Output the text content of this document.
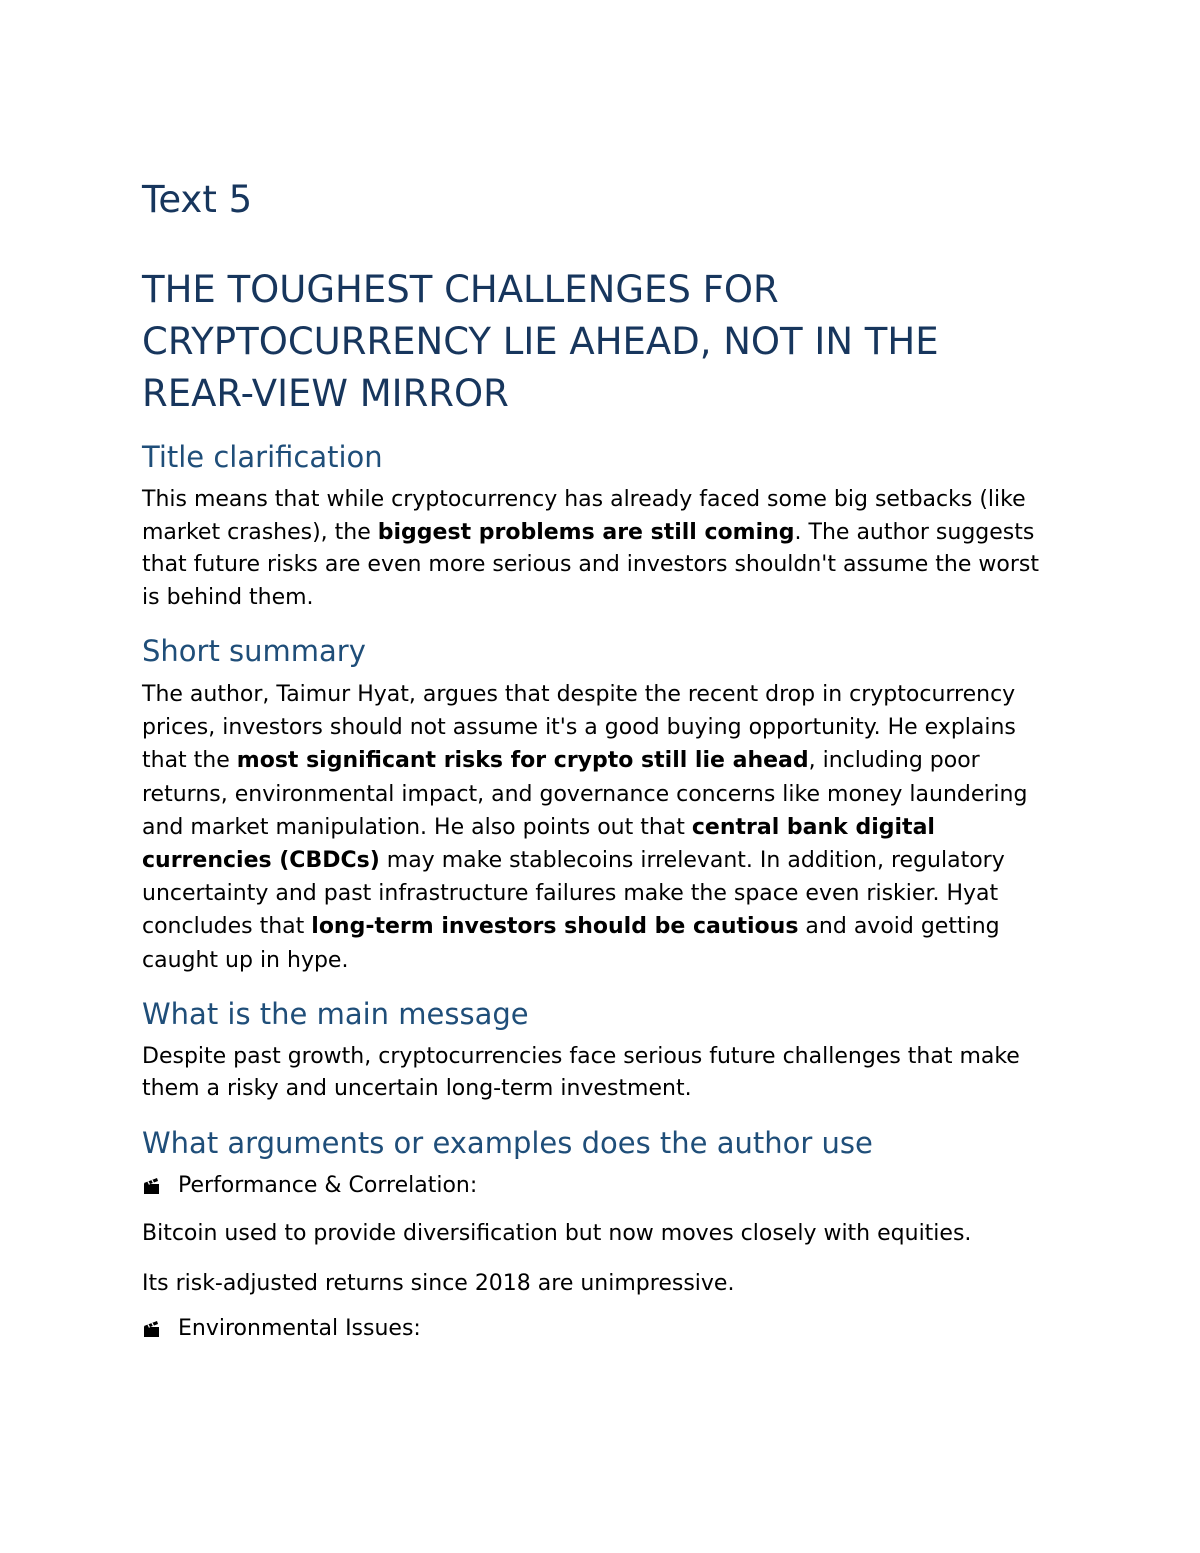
Text 5
THE TOUGHEST CHALLENGES FOR CRYPTOCURRENCY LIE AHEAD, NOT IN THE REAR-VIEW MIRROR
Title clarification

This means that while cryptocurrency has already faced some big setbacks (like market crashes), the biggest problems are still coming. The author suggests that future risks are even more serious and investors shouldn't assume the worst is behind them.

Short summary

The author, Taimur Hyat, argues that despite the recent drop in cryptocurrency prices, investors should not assume it's a good buying opportunity. He explains that the most significant risks for crypto still lie ahead, including poor returns, environmental impact, and governance concerns like money laundering and market manipulation. He also points out that central bank digital currencies (CBDCs) may make stablecoins irrelevant. In addition, regulatory uncertainty and past infrastructure failures make the space even riskier. Hyat concludes that long-term investors should be cautious and avoid getting caught up in hype.

What is the main message

Despite past growth, cryptocurrencies face serious future challenges that make them a risky and uncertain long-term investment.

What arguments or examples does the author use
Performance & Correlation:

Bitcoin used to provide diversification but now moves closely with equities.

Its risk-adjusted returns since 2018 are unimpressive.

Environmental Issues:
